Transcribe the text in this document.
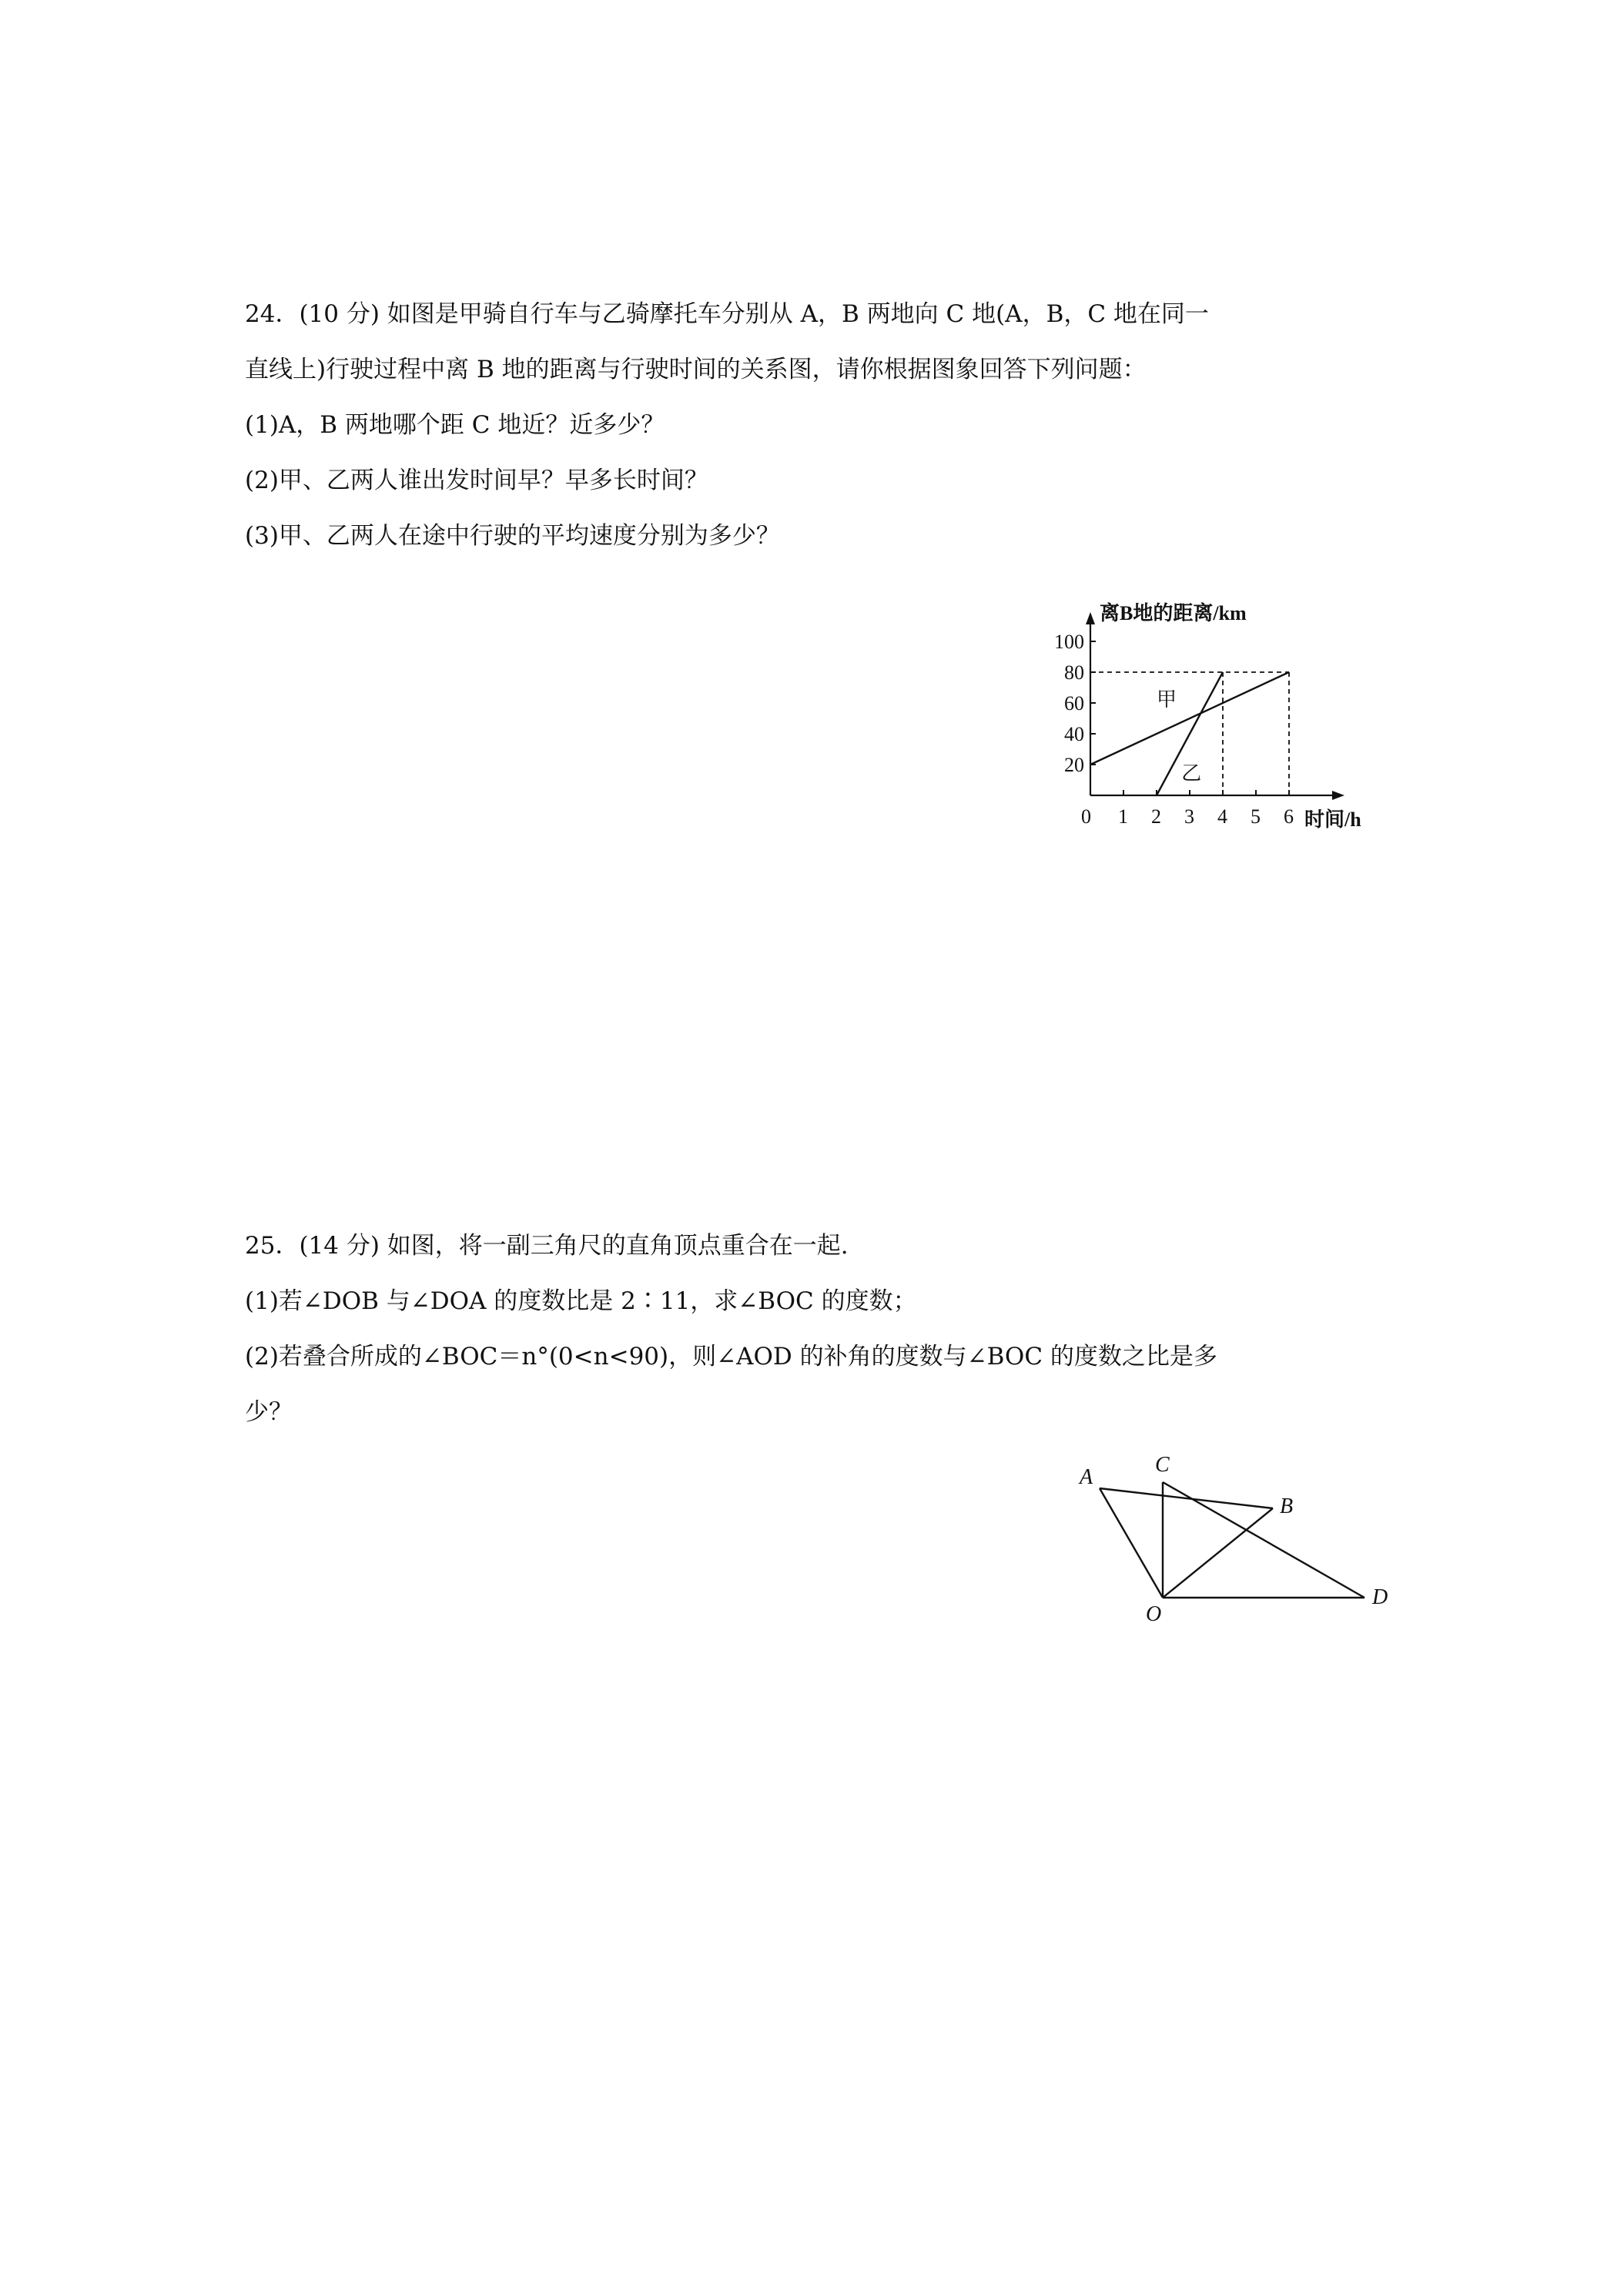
24．(10 分) 如图是甲骑自行车与乙骑摩托车分别从 A，B 两地向 C 地(A，B，C 地在同一

直线上)行驶过程中离 B 地的距离与行驶时间的关系图，请你根据图象回答下列问题：

(1)A，B 两地哪个距 C 地近？近多少？

(2)甲、乙两人谁出发时间早？早多长时间？

(3)甲、乙两人在途中行驶的平均速度分别为多少？

0 1 2 3 4 5 6
20
40
60
80
100
离B地的距离/km
时间/h
甲
乙

25．(14 分) 如图，将一副三角尺的直角顶点重合在一起.

(1)若∠DOB 与∠DOA 的度数比是 2∶11，求∠BOC 的度数；

(2)若叠合所成的∠BOC＝n°(0<n<90)，则∠AOD 的补角的度数与∠BOC 的度数之比是多

少？

A
C
B
O
D
